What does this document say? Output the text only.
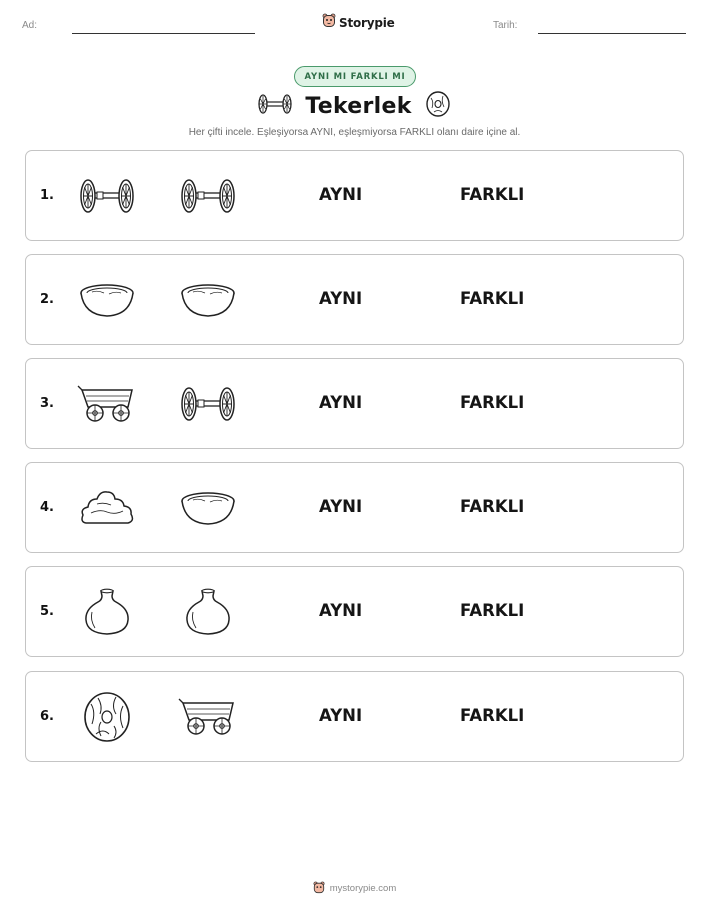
Ad:	Storypie	Tarih:
AYNI MI FARKLI MI
Tekerlek
Her çifti incele. Eşleşiyorsa AYNI, eşleşmiyorsa FARKLI olanı daire içine al.
1.	AYNI	FARKLI
2.	AYNI	FARKLI
3.	AYNI	FARKLI
4.	AYNI	FARKLI
5.	AYNI	FARKLI
6.	AYNI	FARKLI
mystorypie.com
